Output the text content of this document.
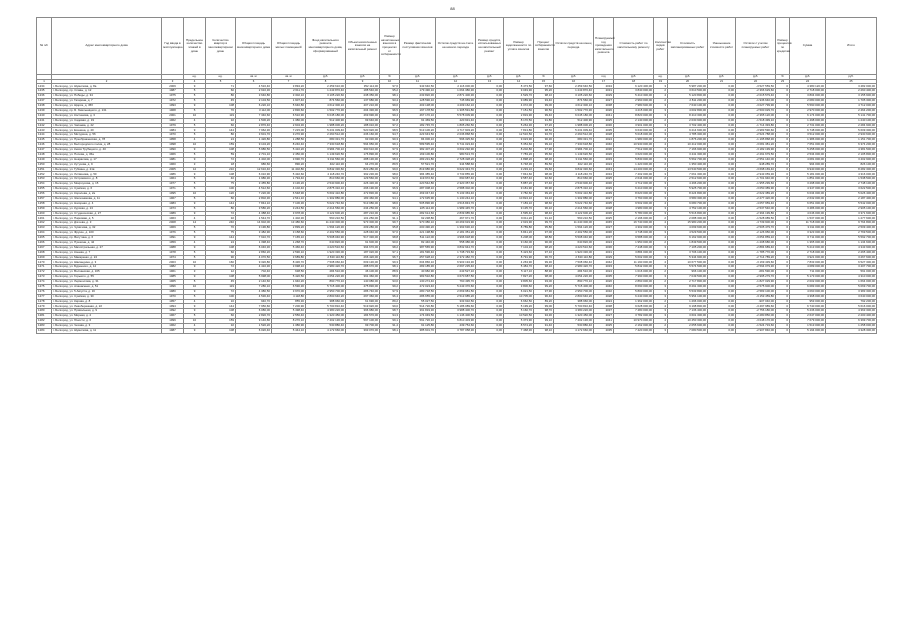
88
№ п/п	Адрес многоквартирного дома	Год ввода в эксплуатацию	Предельное количество этажей в доме	Количество квартир в многоквартирном доме	Общая площадь многоквартирного дома	Общая площадь жилых помещений	Фонд капитального ремонта многоквартирного дома, сформированный	Объем начисленных взносов на капитальный ремонт	Размер начисленных взносов в процентах от собираемости	Размер фактически поступивших взносов	Остаток средств на счете на начало периода	Размер средств, использованных на капитальный ремонт	Размер задолженности по уплате взносов	Процент собираемости взносов	Остаток средств на конец периода	Планируемый год проведения капитального ремонта	Стоимость работ по капитальному ремонту	Количество видов работ	Стоимость запланированных работ	Уменьшение стоимости работ	Остаток с учетом планируемых работ	Размер процентов по кредитам	Сумма	Итого
			ед.	ед.	кв. м	кв. м	руб.	руб.	%	руб.	руб.	руб.	руб.	%	руб.	год	руб.	ед.	руб.	руб.	руб.	%	руб.	руб.
1	2	3	4	5	6	7	8	9	10	11	12	13	14	15	16	17	18	19	20	21	22	23	24	25
1234	г. Белгород, ул. Шумилова, д. 8а	2009	9	71	4 516,40	3 894,20	2 459 610,00	352 114,00	97,6	343 640,50	2 116 000,00	0,00	8 473,50	97,60	2 459 640,50	2034	6 120 400,00	3	5 987 200,00	0,00	-3 527 559,50	0	4 380 120,00	3 482 000,00
1235	г. Белгород, пр. Славы, д. 12	1987	5	60	2 910,30	2 611,70	1 243 870,40	188 540,00	95,2	179 490,10	1 064 380,30	0,00	9 049,90	95,20	1 243 870,40	2031	3 840 000,00	2	3 610 500,00	0,00	-2 366 629,60	0	2 718 000,00	2 260 400,00
1236	г. Белгород, ул. Победы, д. 34	1975	5	80	3 640,80	3 302,10	3 105 220,60	238 350,00	98,1	233 820,30	2 871 400,30	0,00	4 529,70	98,10	3 105 220,60	2029	5 410 300,00	4	5 120 800,00	0,00	-2 015 579,40	0	3 804 000,00	3 155 900,00
1237	г. Белгород, ул. Гагарина, д. 7	1972	5	45	2 104,50	1 907,40	874 560,00	137 680,00	93,4	128 590,10	745 969,90	0,00	9 089,90	93,40	874 560,00	2027	2 960 000,00	2	2 811 200,00	0,00	-1 936 640,00	0	2 080 000,00	1 705 300,00
1238	г. Белгород, ул. Щорса, д. 45б	1993	9	108	6 220,10	5 640,80	4 612 300,10	407 210,00	99,0	403 138,00	4 209 162,10	0,00	4 072,00	99,00	4 612 300,10	2038	7 980 600,00	3	7 640 100,00	0,00	-3 027 799,90	0	5 590 000,00	4 712 000,00
1239	г. Белгород, пр. Б. Хмельницкого, д. 131	1968	5	70	3 112,00	2 830,60	1 502 770,30	204 330,00	96,5	197 178,50	1 305 591,80	0,00	7 151,50	96,50	1 502 770,30	2026	4 215 000,00	3	4 002 800,00	0,00	-2 500 029,70	0	2 970 000,00	2 464 200,00
1240	г. Белгород, ул. Костюкова, д. 3	2001	10	119	7 340,60	6 510,90	6 045 180,00	469 990,00	99,4	467 170,10	5 578 009,90	0,00	2 819,90	99,40	6 045 180,00	2041	8 820 000,00	3	8 410 300,00	0,00	-2 365 120,00	0	6 174 000,00	5 141 700,00
1241	г. Белгород, ул. Садовая, д. 19	1962	4	32	1 506,20	1 380,00	512 400,90	99 640,00	91,8	91 469,50	420 931,40	0,00	8 170,50	91,80	512 400,90	2025	2 140 000,00	2	2 030 900,00	0,00	-1 518 499,10	0	1 498 000,00	1 240 100,00
1242	г. Белгород, ул. Чапаева, д. 22	1979	5	60	2 876,40	2 604,30	1 988 006,20	188 010,00	97,2	182 745,70	1 805 260,50	0,00	5 264,30	97,20	1 988 006,20	2030	3 901 000,00	3	3 702 400,00	0,00	-1 714 393,80	0	2 731 000,00	2 284 900,00
1243	г. Белгород, ул. Есенина, д. 40	1984	9	144	7 962,30	7 215,00	5 231 009,40	520 920,00	98,5	513 106,20	4 717 903,20	0,00	7 813,80	98,50	5 231 009,40	2035	9 640 000,00	4	9 214 600,00	0,00	-3 983 590,60	0	6 748 000,00	5 609 300,00
1244	г. Белгород, ул. Мичурина, д. 56	1970	5	80	3 601,70	3 270,90	2 260 512,00	236 160,00	94,7	223 643,50	2 036 868,50	0,00	12 516,50	94,70	2 260 512,00	2028	5 018 000,00	3	4 785 300,00	0,00	-2 524 788,00	0	3 512 000,00	2 930 600,00
1245	г. Белгород, ул. Преображенская, д. 78	1958	4	24	1 420,80	1 288,50	680 331,70	93 030,00	90,3	84 006,10	596 325,60	0,00	9 023,90	90,30	680 331,70	2024	1 980 000,00	2	1 876 200,00	0,00	-1 195 868,30	0	1 386 000,00	1 151 700,00
1246	г. Белгород, ул. Белгородского полка, д. 28	1998	10	159	9 104,20	8 240,40	7 330 618,80	594 950,00	99,1	589 595,40	6 741 023,40	0,00	5 354,60	99,10	7 330 618,80	2040	10 930 000,00	4	10 412 000,00	0,00	-3 081 381,20	0	7 651 000,00	6 374 200,00
1247	г. Белгород, ул. Князя Трубецкого, д. 40	1990	9	108	5 980,50	5 410,20	3 984 700,10	390 610,00	97,9	382 407,20	3 602 292,90	0,00	8 202,80	97,90	3 984 700,10	2036	7 512 000,00	3	7 166 900,00	0,00	-3 182 199,90	0	5 258 000,00	4 381 500,00
1248	г. Белгород, ул. Попова, д. 36а	1966	5	59	2 701,10	2 450,00	1 149 620,50	176 890,00	95,6	169 106,80	980 513,70	0,00	7 783,20	95,60	1 149 620,50	2026	3 620 000,00	3	3 441 300,00	0,00	-2 291 679,50	0	2 534 000,00	2 105 800,00
1249	г. Белгород, ул. Некрасова, д. 17	1981	9	72	4 402,00	3 990,70	3 011 560,00	288 130,00	98,3	283 231,80	2 728 328,20	0,00	4 898,20	98,30	3 011 560,00	2033	5 830 000,00	3	5 562 700,00	0,00	-2 551 140,00	0	4 081 000,00	3 402 900,00
1250	г. Белгород, ул. Кутузова, д. 9	1960	3	18	980,60	890,20	402 110,30	64 270,00	89,5	57 521,70	344 588,60	0,00	6 748,30	89,50	402 110,30	2024	1 420 000,00	2	1 350 400,00	0,00	-948 289,70	0	994 000,00	826 100,00
1251	г. Белгород, ул. Губкина, д. 21в	2005	12	210	12 610,40	11 402,80	9 842 330,60	823 280,00	99,6	819 986,90	9 022 343,70	0,00	3 293,10	99,60	9 842 330,60	2043	14 200 000,00	4	13 540 500,00	0,00	-3 698 169,40	0	9 940 000,00	8 282 300,00
1252	г. Белгород, ул. Литвинова, д. 50	1986	9	108	6 010,90	5 432,60	4 118 240,70	392 230,00	98,0	384 385,40	3 733 855,30	0,00	7 844,60	98,00	4 118 240,70	2034	7 402 000,00	3	7 061 300,00	0,00	-2 943 059,30	0	5 181 000,00	4 316 000,00
1253	г. Белгород, ул. Островского, д. 8	1964	5	40	1 980,30	1 794,40	810 660,00	129 560,00	92,6	119 972,60	690 687,40	0,00	9 587,40	92,60	810 660,00	2025	2 644 000,00	2	2 512 600,00	0,00	-1 701 940,00	0	1 851 000,00	1 538 500,00
1254	г. Белгород, ул. Мокроусова, д. 15	1977	5	75	3 455,80	3 136,20	2 540 900,40	226 430,00	97,4	220 542,80	2 320 357,60	0,00	5 887,20	97,40	2 540 900,40	2030	4 712 000,00	3	4 496 200,00	0,00	-1 955 299,60	0	3 298 000,00	2 748 100,00
1255	г. Белгород, ул. Сумская, д. 6	1971	5	100	4 512,60	4 102,40	2 875 310,10	296 190,00	96,9	287 008,10	2 588 302,00	0,00	9 181,90	96,90	2 875 310,10	2029	6 210 000,00	3	5 925 700,00	0,00	-3 050 389,90	0	4 347 000,00	3 622 500,00
1256	г. Белгород, ул. Королева, д. 2а	1995	10	120	7 220,00	6 548,90	5 602 410,80	472 830,00	99,2	469 047,40	5 133 363,40	0,00	3 782,60	99,20	5 602 410,80	2039	8 620 000,00	3	8 224 800,00	0,00	-2 622 389,20	0	6 034 000,00	5 026 400,00
1257	г. Белгород, ул. Железнякова, д. 11	1967	5	60	2 802,30	2 541,10	1 302 880,00	183 460,00	94,1	172 635,90	1 130 244,10	0,00	10 824,10	94,10	1 302 880,00	2027	3 760 000,00	3	3 580 300,00	0,00	-2 277 420,00	0	2 632 000,00	2 187 400,00
1258	г. Белгород, ул. Нагорная, д. 4	1983	9	144	7 844,10	7 106,30	5 022 740,60	513 080,00	98,6	505 896,90	4 516 843,70	0,00	7 183,10	98,60	5 022 740,60	2035	9 502 000,00	4	9 080 700,00	0,00	-4 057 959,40	0	6 651 000,00	5 542 000,00
1259	г. Белгород, ул. Курская, д. 13	1973	5	80	3 580,20	3 244,50	2 214 560,00	234 250,00	96,1	225 114,30	1 989 445,70	0,00	9 135,70	96,10	2 214 560,00	2028	4 980 000,00	3	4 752 100,00	0,00	-2 537 540,00	0	3 486 000,00	2 905 100,00
1260	г. Белгород, ул. Студенческая, д. 27	1989	9	72	4 388,40	3 978,00	3 122 600,20	287 210,00	98,4	282 614,60	2 839 985,60	0,00	4 595,40	98,40	3 122 600,20	2036	5 780 000,00	3	5 516 800,00	0,00	-2 394 199,80	0	4 046 000,00	3 371 600,00
1261	г. Белгород, ул. Парковая, д. 5	1963	4	32	1 544,70	1 402,30	560 210,50	101 250,00	91,1	92 238,80	467 971,70	0,00	9 011,20	91,10	560 210,50	2025	2 196 000,00	2	2 088 300,00	0,00	-1 528 089,50	0	1 537 000,00	1 277 600,00
1262	г. Белгород, ул. Дзгоева, д. 3	2008	14	240	14 902,00	13 480,60	11 240 300,00	973 300,00	99,7	970 380,10	10 269 919,90	0,00	2 919,90	99,70	11 240 300,00	2045	16 740 000,00	4	15 980 200,00	0,00	-4 739 900,00	0	11 718 000,00	9 764 800,00
1263	г. Белгород, ул. Чумичова, д. 32	1969	5	70	3 196,80	2 899,20	1 594 120,30	209 280,00	95,8	200 490,20	1 393 630,10	0,00	8 789,80	95,80	1 594 120,30	2027	4 302 000,00	3	4 099 600,00	0,00	-2 505 479,70	0	3 011 000,00	2 509 400,00
1264	г. Белгород, ул. Фрунзе, д. 100	1976	5	75	3 482,90	3 158,60	2 402 550,00	228 040,00	97,0	221 198,80	2 181 351,20	0,00	6 841,20	97,00	2 402 550,00	2030	4 748 000,00	3	4 529 500,00	0,00	-2 126 950,00	0	3 323 000,00	2 769 500,00
1265	г. Белгород, пр. Ватутина, д. 6	1991	9	144	7 910,70	7 165,10	5 508 040,90	517 330,00	98,8	511 122,00	4 996 918,90	0,00	6 208,00	98,80	5 508 040,90	2037	9 588 000,00	4	9 162 900,00	0,00	-3 654 859,10	0	6 711 000,00	5 592 700,00
1266	г. Белгород, ул. Пушкина, д. 44	1959	4	24	1 398,40	1 268,70	640 820,00	91 600,00	90,0	82 440,00	558 380,00	0,00	9 160,00	90,00	640 820,00	2024	1 950 000,00	2	1 849 500,00	0,00	-1 208 680,00	0	1 365 000,00	1 134 600,00
1267	г. Белгород, ул. Магистральная, д. 27	1988	9	108	6 046,30	5 466,40	4 220 510,60	394 670,00	98,2	387 565,90	3 832 944,70	0,00	7 104,10	98,20	4 220 510,60	2036	7 448 000,00	3	7 105 200,00	0,00	-2 884 689,40	0	5 213 000,00	4 343 900,00
1268	г. Белгород, ул. Конева, д. 7	1978	5	60	2 860,20	2 590,10	1 920 330,00	187 020,00	97,1	181 596,40	1 738 733,60	0,00	5 423,60	97,10	1 920 330,00	2031	3 884 000,00	3	3 706 100,00	0,00	-1 785 770,00	0	2 718 000,00	2 265 400,00
1269	г. Белгород, ул. Макаренко, д. 24	1974	5	90	4 070,50	3 689,80	2 630 110,80	266 420,00	96,7	257 628,10	2 372 482,70	0,00	8 791,90	96,70	2 630 110,80	2029	5 602 000,00	3	5 344 900,00	0,00	-2 714 789,20	0	3 921 000,00	3 267 600,00
1270	г. Белгород, ул. Шаландина, д. 3	2003	10	160	9 320,80	8 436,70	7 508 060,40	609 130,00	99,3	604 866,10	6 903 194,30	0,00	4 263,90	99,30	7 508 060,40	2042	11 190 000,00	4	10 677 500,00	0,00	-3 169 439,60	0	7 833 000,00	6 527 300,00
1271	г. Белгород, ул. Буденного, д. 12	1982	9	72	4 410,30	3 998,10	2 980 420,70	288 670,00	98,1	283 185,30	2 697 235,40	0,00	5 484,70	98,10	2 980 420,70	2033	5 842 000,00	3	5 574 500,00	0,00	-2 594 079,30	0	4 089 000,00	3 407 700,00
1272	г. Белгород, ул. Волчанская, д. 165	1961	3	12	702,40	638,50	284 510,00	46 100,00	88,9	40 982,90	243 527,10	0,00	5 117,10	88,90	284 510,00	2024	1 016 000,00	2	966 100,00	0,00	-681 590,00	0	711 000,00	591 000,00
1273	г. Белгород, ул. Горького, д. 55	1985	9	108	5 998,00	5 420,50	4 054 220,30	391 360,00	98,0	383 532,80	3 670 687,50	0,00	7 827,20	98,00	4 054 220,30	2035	7 390 000,00	3	7 049 500,00	0,00	-2 995 279,70	0	5 173 000,00	4 310 000,00
1274	г. Белгород, ул. Лермонтова, д. 31	1965	5	45	2 140,60	1 940,20	890 770,10	140 080,00	93,0	130 274,40	760 495,70	0,00	9 805,60	93,00	890 770,10	2026	2 860 000,00	2	2 717 800,00	0,00	-1 827 029,90	0	2 002 000,00	1 664 000,00
1275	г. Белгород, ул. Апанасенко, д. 51	1996	10	119	7 280,10	6 590,30	5 715 400,00	475 830,00	99,2	472 023,40	5 243 376,60	0,00	3 806,60	99,20	5 715 400,00	2040	8 690 000,00	3	8 291 300,00	0,00	-2 575 900,00	0	6 083 000,00	5 069 700,00
1276	г. Белгород, ул. 5 Августа, д. 16	1980	9	72	4 380,50	3 970,00	2 950 700,00	286 740,00	97,9	280 718,50	2 669 981,50	0,00	6 021,50	97,90	2 950 700,00	2032	5 800 000,00	3	5 533 800,00	0,00	-2 583 100,00	0	4 060 000,00	3 383 300,00
1277	г. Белгород, ул. Сумская, д. 30	1970	5	100	4 530,40	4 118,80	2 800 640,20	297 360,00	96,4	286 655,00	2 513 985,20	0,00	10 705,00	96,40	2 800 640,20	2028	6 240 000,00	3	5 954 100,00	0,00	-3 153 459,80	0	4 368 000,00	3 640 000,00
1278	г. Белгород, ул. Кирова, д. 8	1957	4	16	940,70	855,30	388 960,00	61 690,00	89,2	55 027,50	333 932,50	0,00	6 662,50	89,20	388 960,00	2024	1 362 000,00	2	1 296 000,00	0,00	-907 040,00	0	953 000,00	792 200,00
1279	г. Белгород, ул. Левобережная, д. 22	1994	9	144	7 950,60	7 200,90	5 700 810,40	519 920,00	99,0	514 720,80	5 186 089,60	0,00	5 199,20	99,00	5 700 810,40	2038	9 628 000,00	4	9 198 800,00	0,00	-3 497 989,60	0	6 740 000,00	5 616 000,00
1280	г. Белгород, ул. Привольная, д. 9	1992	9	108	6 080,00	5 498,40	4 380 220,00	396 980,00	98,7	391 819,30	3 988 400,70	0,00	5 160,70	98,70	4 380 220,00	2037	7 480 000,00	3	7 136 400,00	0,00	-2 756 180,00	0	5 236 000,00	4 363 300,00
1281	г. Белгород, ул. Мирная, д. 4	1967	5	60	2 820,70	2 556,40	1 320 450,00	184 570,00	94,3	174 049,50	1 146 400,50	0,00	10 520,50	94,30	1 320 450,00	2027	3 782 000,00	3	3 601 300,00	0,00	-2 280 850,00	0	2 647 000,00	2 200 400,00
1282	г. Белгород, ул. Юности, д. 6	1999	10	159	9 140,80	8 270,10	7 402 130,00	597 100,00	99,1	591 726,10	6 810 403,90	0,00	5 373,90	99,10	7 402 130,00	2041	10 970 000,00	4	10 450 300,00	0,00	-3 048 170,00	0	7 679 000,00	6 399 700,00
1283	г. Белгород, ул. Чехова, д. 3	1962	4	32	1 520,20	1 380,90	530 880,40	99 700,00	91,4	91 125,80	439 754,60	0,00	8 574,20	91,40	530 880,40	2025	2 162 000,00	2	2 055 600,00	0,00	-1 524 719,60	0	1 513 000,00	1 258 000,00
1284	г. Белгород, ул. Шумилова, д. 11	1987	9	108	6 020,40	5 444,10	4 172 660,00	393 070,00	98,1	385 601,70	3 787 058,30	0,00	7 468,30	98,10	4 172 660,00	2035	7 420 000,00	3	7 080 500,00	0,00	-2 907 840,00	0	5 194 000,00	4 328 300,00
